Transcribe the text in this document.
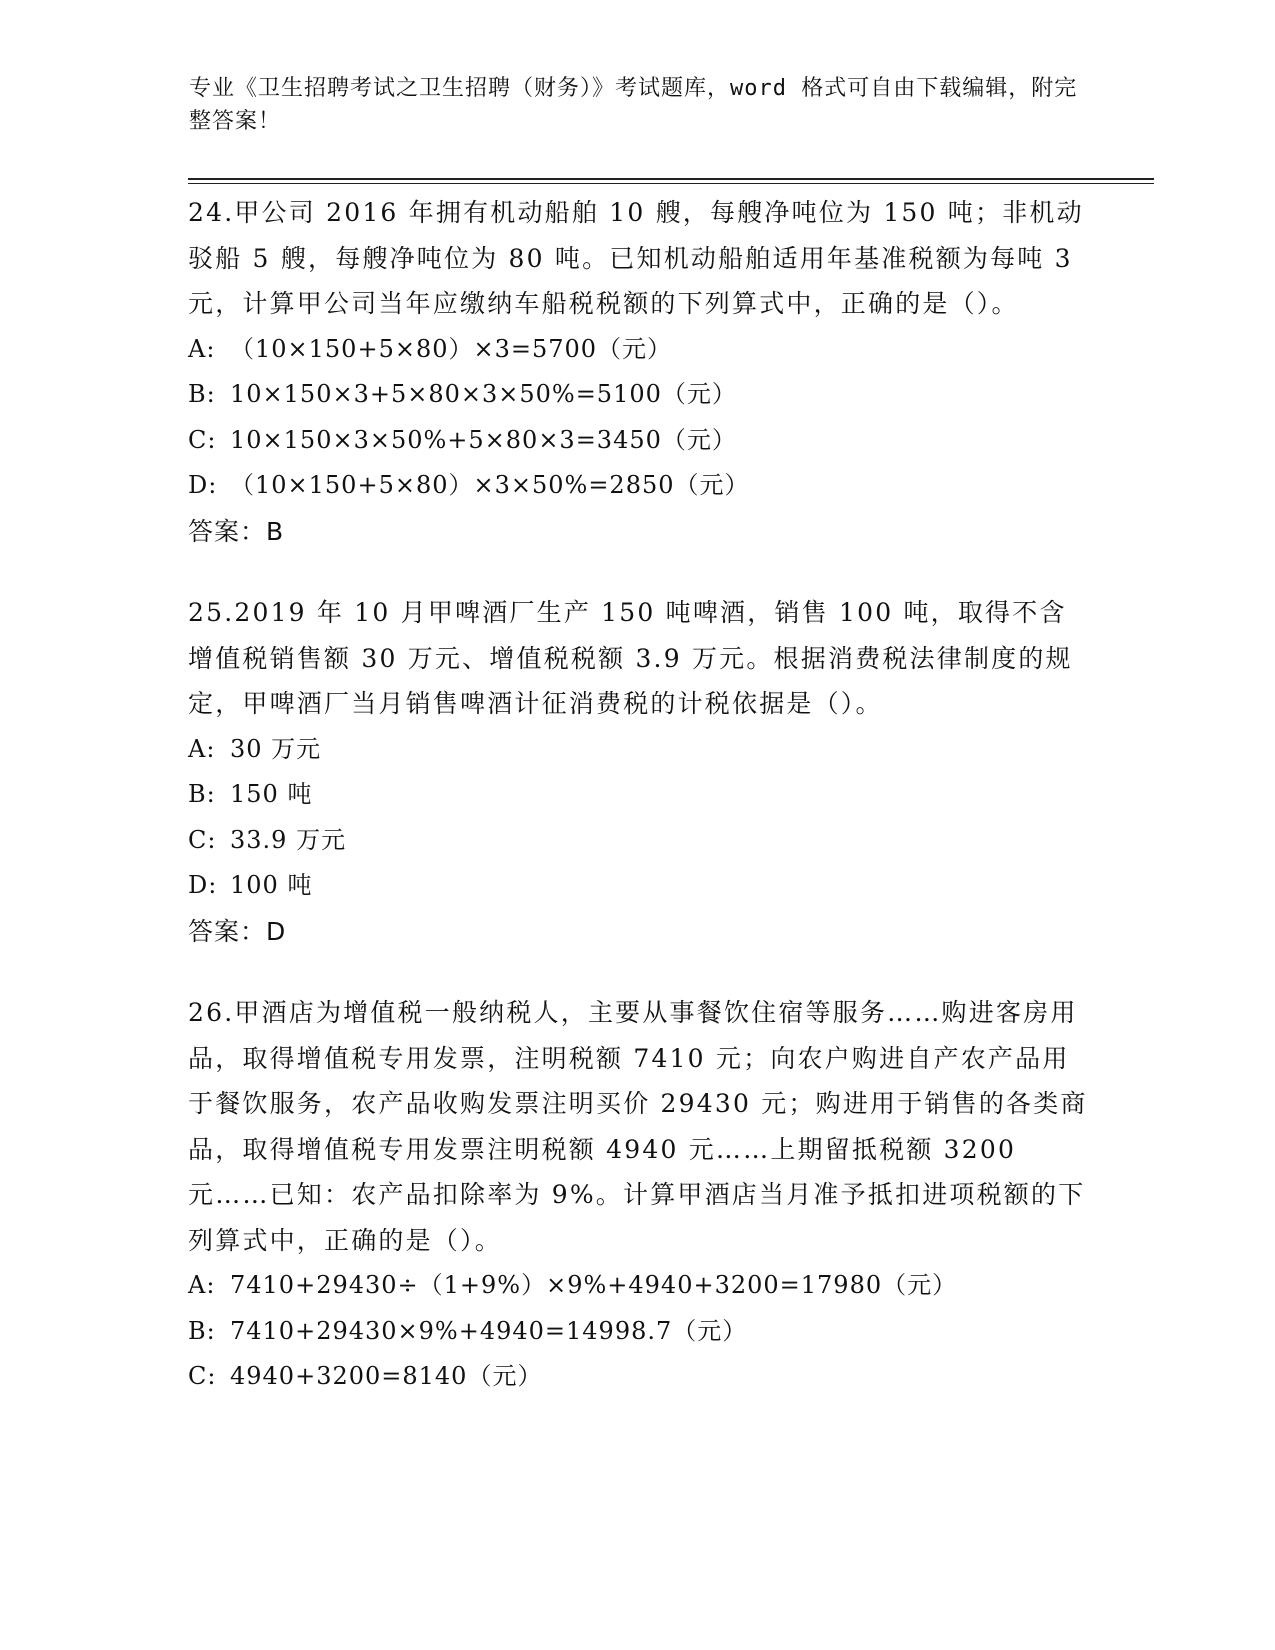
专业《卫生招聘考试之卫生招聘（财务）》考试题库，word 格式可自由下载编辑，附完整答案！

24.甲公司 2016 年拥有机动船舶 10 艘，每艘净吨位为 150 吨；非机动驳船 5 艘，每艘净吨位为 80 吨。已知机动船舶适用年基准税额为每吨 3 元，计算甲公司当年应缴纳车船税税额的下列算式中，正确的是（）。

A: （10×150+5×80）×3=5700（元）

B: 10×150×3+5×80×3×50%=5100（元）

C: 10×150×3×50%+5×80×3=3450（元）

D: （10×150+5×80）×3×50%=2850（元）

答案：B

25.2019 年 10 月甲啤酒厂生产 150 吨啤酒，销售 100 吨，取得不含增值税销售额 30 万元、增值税税额 3.9 万元。根据消费税法律制度的规定，甲啤酒厂当月销售啤酒计征消费税的计税依据是（）。

A: 30 万元

B: 150 吨

C: 33.9 万元

D: 100 吨

答案：D

26.甲酒店为增值税一般纳税人，主要从事餐饮住宿等服务……购进客房用品，取得增值税专用发票，注明税额 7410 元；向农户购进自产农产品用于餐饮服务，农产品收购发票注明买价 29430 元；购进用于销售的各类商品，取得增值税专用发票注明税额 4940 元……上期留抵税额 3200 元……已知：农产品扣除率为 9%。计算甲酒店当月准予抵扣进项税额的下列算式中，正确的是（）。

A: 7410+29430÷（1+9%）×9%+4940+3200=17980（元）

B: 7410+29430×9%+4940=14998.7（元）

C: 4940+3200=8140（元）
